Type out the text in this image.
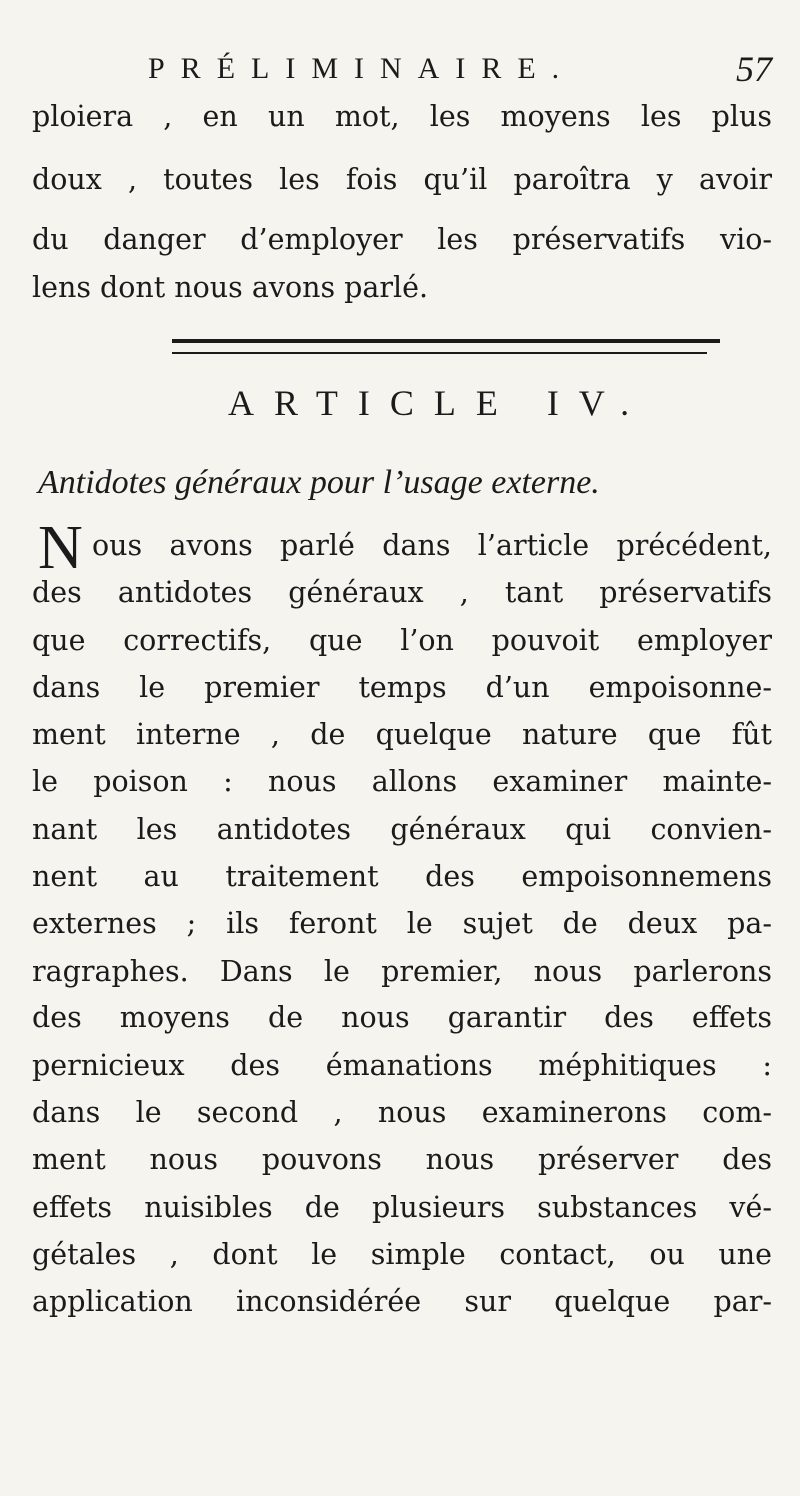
PRÉLIMINAIRE.	57
ploiera , en un mot, les moyens les plus
doux , toutes les fois qu’il paroîtra y avoir
du danger d’employer les préservatifs vio-
lens dont nous avons parlé.
ARTICLE IV.
Antidotes généraux pour l’usage externe.
N ous avons parlé dans l’article précédent,
des antidotes généraux , tant préservatifs
que correctifs, que l’on pouvoit employer
dans le premier temps d’un empoisonne-
ment interne , de quelque nature que fût
le poison : nous allons examiner mainte-
nant les antidotes généraux qui convien-
nent au traitement des empoisonnemens
externes ; ils feront le sujet de deux pa-
ragraphes. Dans le premier, nous parlerons
des moyens de nous garantir des effets
pernicieux des émanations méphitiques :
dans le second , nous examinerons com-
ment nous pouvons nous préserver des
effets nuisibles de plusieurs substances vé-
gétales , dont le simple contact, ou une
application inconsidérée sur quelque par-
